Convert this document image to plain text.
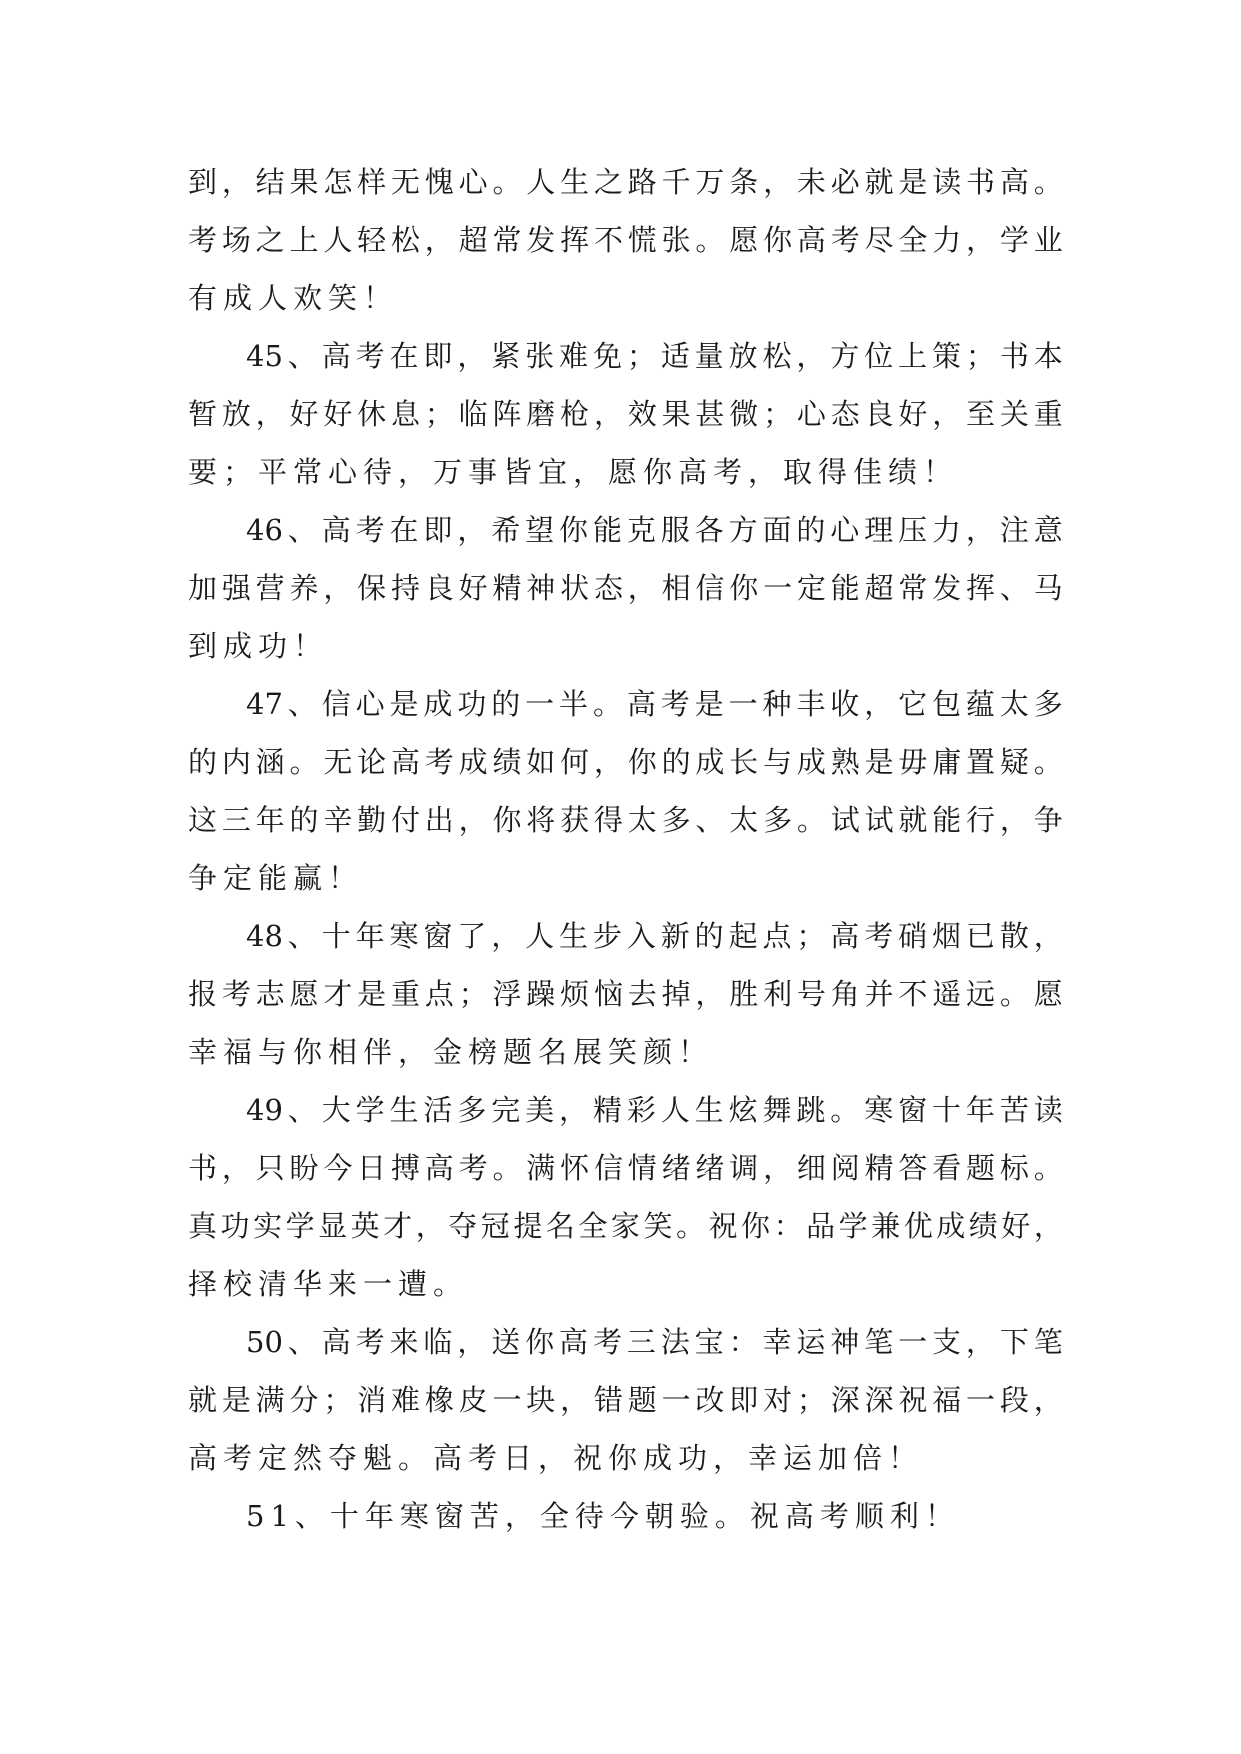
到 ， 结 果 怎 样 无 愧 心 。 人 生 之 路 千 万 条 ， 未 必 就 是 读 书 高 。
考 场 之 上 人 轻 松 ， 超 常 发 挥 不 慌 张 。 愿 你 高 考 尽 全 力 ， 学 业
有成人欢笑！
45 、 高 考 在 即 ， 紧 张 难 免 ； 适 量 放 松 ， 方 位 上 策 ； 书 本
暂 放 ， 好 好 休 息 ； 临 阵 磨 枪 ， 效 果 甚 微 ； 心 态 良 好 ， 至 关 重
要；平常心待，万事皆宜，愿你高考，取得佳绩！
46 、 高 考 在 即 ， 希 望 你 能 克 服 各 方 面 的 心 理 压 力 ， 注 意
加 强 营 养 ， 保 持 良 好 精 神 状 态 ， 相 信 你 一 定 能 超 常 发 挥 、 马
到成功！
47 、 信 心 是 成 功 的 一 半 。 高 考 是 一 种 丰 收 ， 它 包 蕴 太 多
的 内 涵 。 无 论 高 考 成 绩 如 何 ， 你 的 成 长 与 成 熟 是 毋 庸 置 疑 。
这 三 年 的 辛 勤 付 出 ， 你 将 获 得 太 多 、 太 多 。 试 试 就 能 行 ， 争
争定能赢！
48 、 十 年 寒 窗 了 ， 人 生 步 入 新 的 起 点 ； 高 考 硝 烟 已 散 ，
报 考 志 愿 才 是 重 点 ； 浮 躁 烦 恼 去 掉 ， 胜 利 号 角 并 不 遥 远 。 愿
幸福与你相伴，金榜题名展笑颜！
49 、 大 学 生 活 多 完 美 ， 精 彩 人 生 炫 舞 跳 。 寒 窗 十 年 苦 读
书 ， 只 盼 今 日 搏 高 考 。 满 怀 信 情 绪 绪 调 ， 细 阅 精 答 看 题 标 。
真 功 实 学 显 英 才 ， 夺 冠 提 名 全 家 笑 。 祝 你 ： 品 学 兼 优 成 绩 好 ，
择校清华来一遭。
50 、 高 考 来 临 ， 送 你 高 考 三 法 宝 ： 幸 运 神 笔 一 支 ， 下 笔
就 是 满 分 ； 消 难 橡 皮 一 块 ， 错 题 一 改 即 对 ； 深 深 祝 福 一 段 ，
高考定然夺魁。高考日，祝你成功，幸运加倍！
51、十年寒窗苦，全待今朝验。祝高考顺利！
